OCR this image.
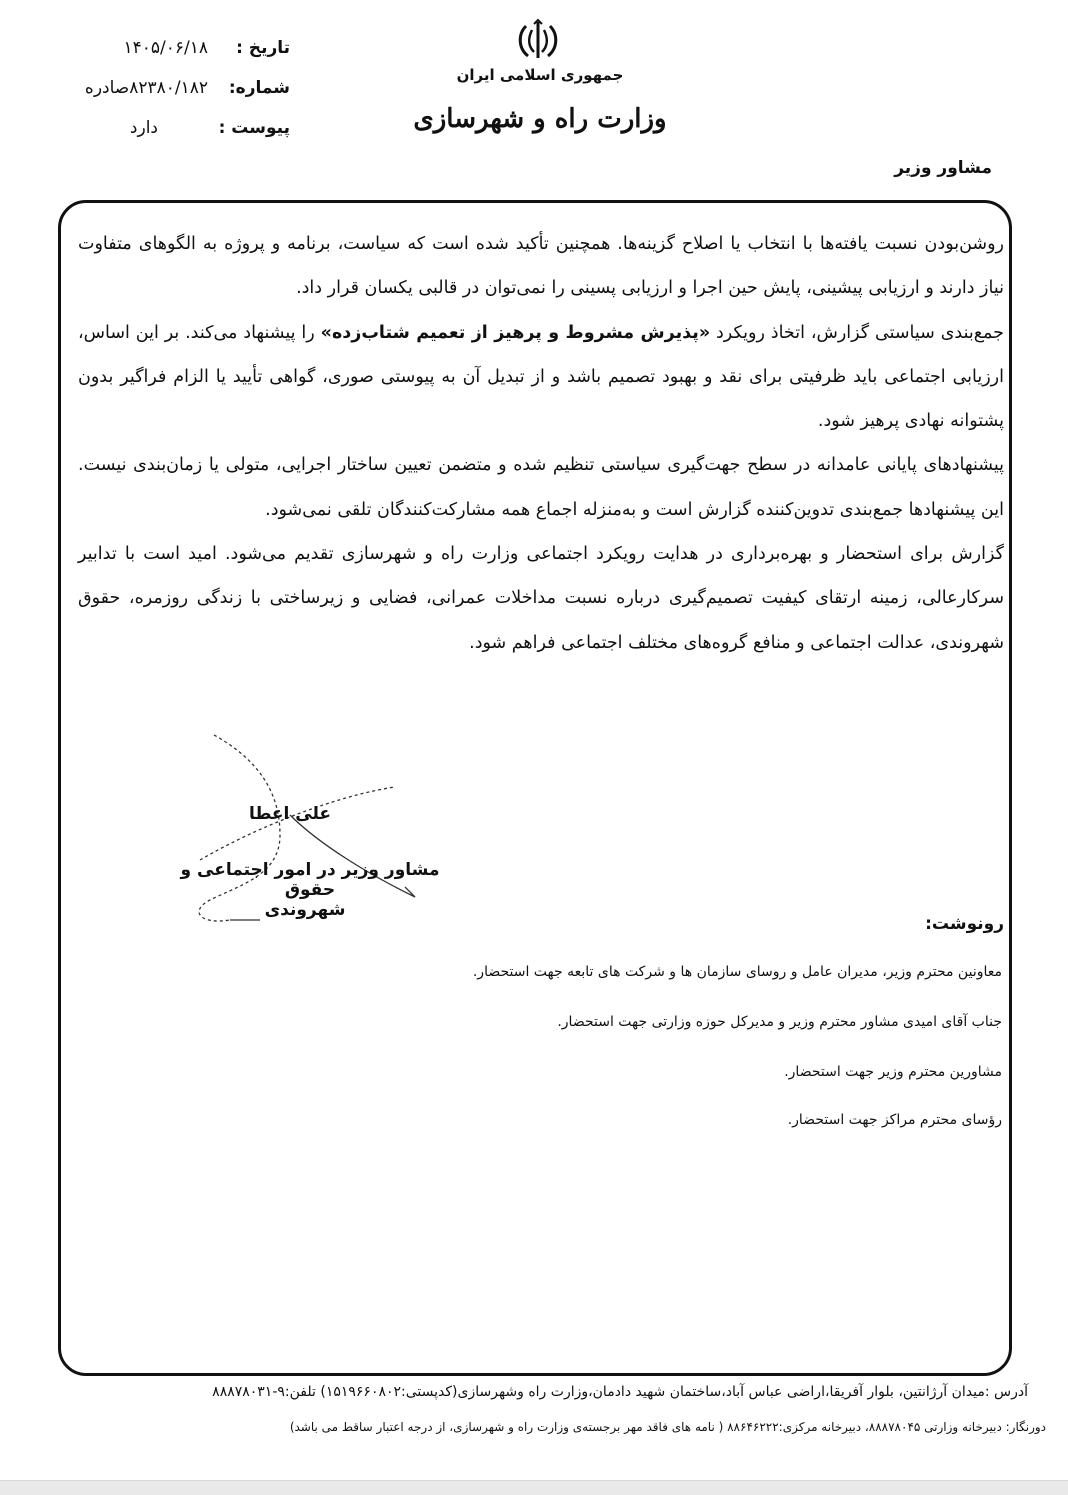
جمهوری اسلامی ایران
وزارت راه و شهرسازی
تاریخ :
۱۴۰۵/۰۶/۱۸
شماره:
۸۲۳۸۰/۱۸۲صادره
پیوست :
دارد
مشاور وزیر

روشن‌بودن نسبت یافته‌ها با انتخاب یا اصلاح گزینه‌ها. همچنین تأکید شده است که سیاست، برنامه و پروژه به الگوهای متفاوت نیاز دارند و ارزیابی پیشینی، پایش حین اجرا و ارزیابی پسینی را نمی‌توان در قالبی یکسان قرار داد.

جمع‌بندی سیاستی گزارش، اتخاذ رویکرد «پذیرش مشروط و پرهیز از تعمیم شتاب‌زده» را پیشنهاد می‌کند. بر این اساس، ارزیابی اجتماعی باید ظرفیتی برای نقد و بهبود تصمیم باشد و از تبدیل آن به پیوستی صوری، گواهی تأیید یا الزام فراگیر بدون پشتوانه نهادی پرهیز شود.

پیشنهادهای پایانی عامدانه در سطح جهت‌گیری سیاستی تنظیم شده و متضمن تعیین ساختار اجرایی، متولی یا زمان‌بندی نیست. این پیشنهادها جمع‌بندی تدوین‌کننده گزارش است و به‌منزله اجماع همه مشارکت‌کنندگان تلقی نمی‌شود.

گزارش برای استحضار و بهره‌برداری در هدایت رویکرد اجتماعی وزارت راه و شهرسازی تقدیم می‌شود. امید است با تدابیر سرکارعالی، زمینه ارتقای کیفیت تصمیم‌گیری درباره نسبت مداخلات عمرانی، فضایی و زیرساختی با زندگی روزمره، حقوق شهروندی، عدالت اجتماعی و منافع گروه‌های مختلف اجتماعی فراهم شود.

علی اعطا
مشاور وزیر در امور اجتماعی و حقوق
شهروندی
رونوشت:
معاونین محترم وزیر، مدیران عامل و روسای سازمان ها و شرکت های تابعه جهت استحضار.
جناب آقای امیدی مشاور محترم وزیر و مدیرکل حوزه وزارتی جهت استحضار.
مشاورین محترم وزیر جهت استحضار.
رؤسای محترم مراکز جهت استحضار.
آدرس :میدان آرژانتین، بلوار آفریقا،اراضی عباس آباد،ساختمان شهید دادمان،وزارت راه وشهرسازی(کدپستی:۱۵۱۹۶۶۰۸۰۲) تلفن:۹-۸۸۸۷۸۰۳۱
دورنگار: دبیرخانه وزارتی ۸۸۸۷۸۰۴۵، دبیرخانه مرکزی:۸۸۶۴۶۲۲۲ ( نامه های فاقد مهر برجسته‌ی وزارت راه و شهرسازی، از درجه اعتبار ساقط می باشد)
